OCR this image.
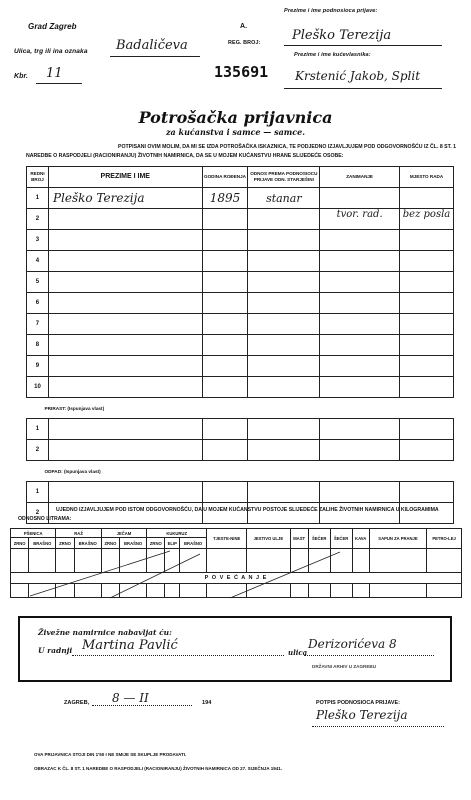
Grad Zagreb	A.
Prezime i ime podnosioca prijave:
Pleško Terezija
Ulica, trg ili ina oznaka Badaličeva	REG. BROJ:
Prezime i ime kućevlasnika:
135691 Krstenić Jakob, Split
Kbr. 11
Potrošačka prijavnica
za kućanstva i samce — samce.
POTPISANI OVIM MOLIM, DA MI SE IZDA POTROŠAČKA ISKAZNICA, TE PODJEDNO IZJAVLJUJEM POD ODGOVORNOŠĆU IZ ČL. 8 ST. 1 NAREDBE O RASPODJELI (RACIONIRANJU) ŽIVOTNIH NAMIRNICA, DA SE U MOJEM KUĆANSTVU HRANE SLIJEDEĆE OSOBE:
REDNI BROJ	PREZIME I IME	GODINA ROĐENJA	ODNOS PREMA PODNOSIOCU PRIJAVE ODN. STARJEŠINI	ZANIMANJE	MJESTO RADA
1	Pleško Terezija	1895	stanar		
2				tvor. rad.	bez posla
3					
4					
5					
6					
7					
8					
9					
10					
PRIRAST: (Ispunjava vlast)					
1					
2					
ODPAD: (Ispunjava vlast)					
1					
2						UJEDNO IZJAVLJUJEM POD ISTOM ODGOVORNOŠĆU, DA U MOJEM KUĆANSTVU POSTOJE SLIJEDEĆE ZALIHE ŽIVOTNIH NAMIRNICA U KILOGRAMIMA ODNOSNO LITRAMA:
PŠENICA		RAŽ		JEČAM		KUKURUZ			TJESTE-NINE	JESTIVO ULJE	MAST	ŠEĆER	ŠEĆER	KAVA	SAPUN ZA PRANJE	PETRO-LEJ
ZRNO	BRAŠNO	ZRNO	BRAŠNO	ZRNO	BRAŠNO	ZRNO	ELIP	BRAŠNO								

P O V E Ć A N J E																

Živežne namirnice nabavljat ću:
U radnji Martina Pavlić	ulica
Derizorićeva 8
DRŽAVNI ARHIV U ZAGREBU
ZAGREB, 8 — II	194	POTPIS PODNOSIOCA PRIJAVE:
Pleško Terezija
OVA PRIJAVNICA STOJI DIN 1'50 I NE SMIJE SE SKUPLJE PRODAVATI.
OBRAZAC K ČL. 8 ST. 1 NAREDBE O RASPODJELI (RACIONIRANJU) ŽIVOTNIH NAMIRNICA OD 27. SIJEČNJA 1941.
